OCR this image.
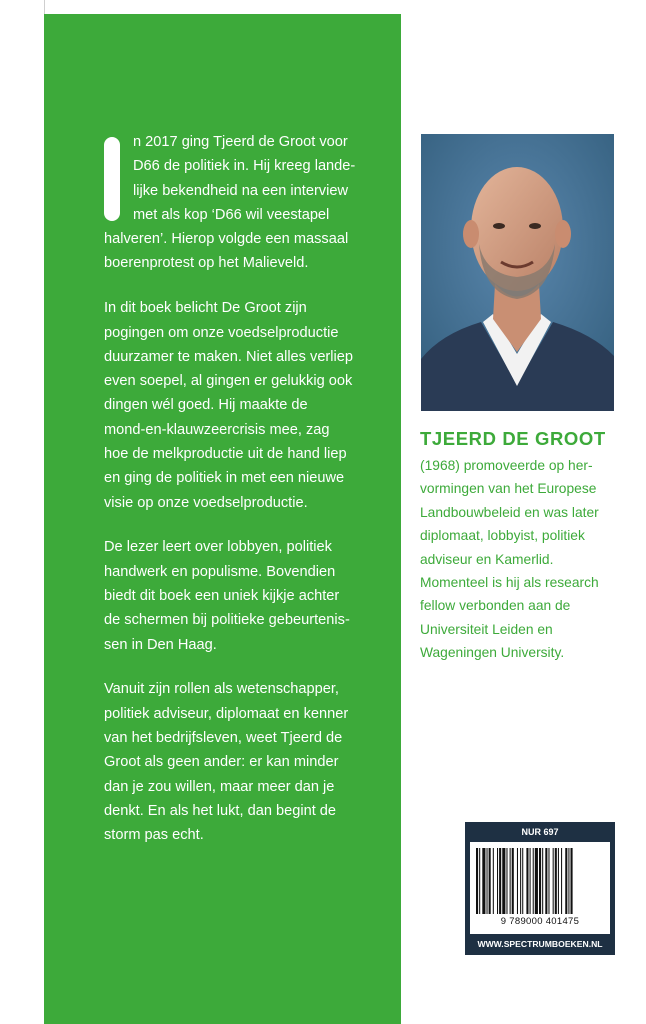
n 2017 ging Tjeerd de Groot voor
D66 de politiek in. Hij kreeg lande-
lijke bekendheid na een interview
met als kop ‘D66 wil veestapel
halveren’. Hierop volgde een massaal
boerenprotest op het Malieveld.
In dit boek belicht De Groot zijn
pogingen om onze voedselproductie
duurzamer te maken. Niet alles verliep
even soepel, al gingen er gelukkig ook
dingen wél goed. Hij maakte de
mond-en-klauwzeercrisis mee, zag
hoe de melkproductie uit de hand liep
en ging de politiek in met een nieuwe
visie op onze voedselproductie.
De lezer leert over lobbyen, politiek
handwerk en populisme. Bovendien
biedt dit boek een uniek kijkje achter
de schermen bij politieke gebeurtenis-
sen in Den Haag.
Vanuit zijn rollen als wetenschapper,
politiek adviseur, diplomaat en kenner
van het bedrijfsleven, weet Tjeerd de
Groot als geen ander: er kan minder
dan je zou willen, maar meer dan je
denkt. En als het lukt, dan begint de
storm pas echt.
TJEERD DE GROOT
(1968) promoveerde op her-
vormingen van het Europese
Landbouwbeleid en was later
diplomaat, lobbyist, politiek
adviseur en Kamerlid.
Momenteel is hij als research
fellow verbonden aan de
Universiteit Leiden en
Wageningen University.
NUR 697
9 789000 401475
WWW.SPECTRUMBOEKEN.NL
